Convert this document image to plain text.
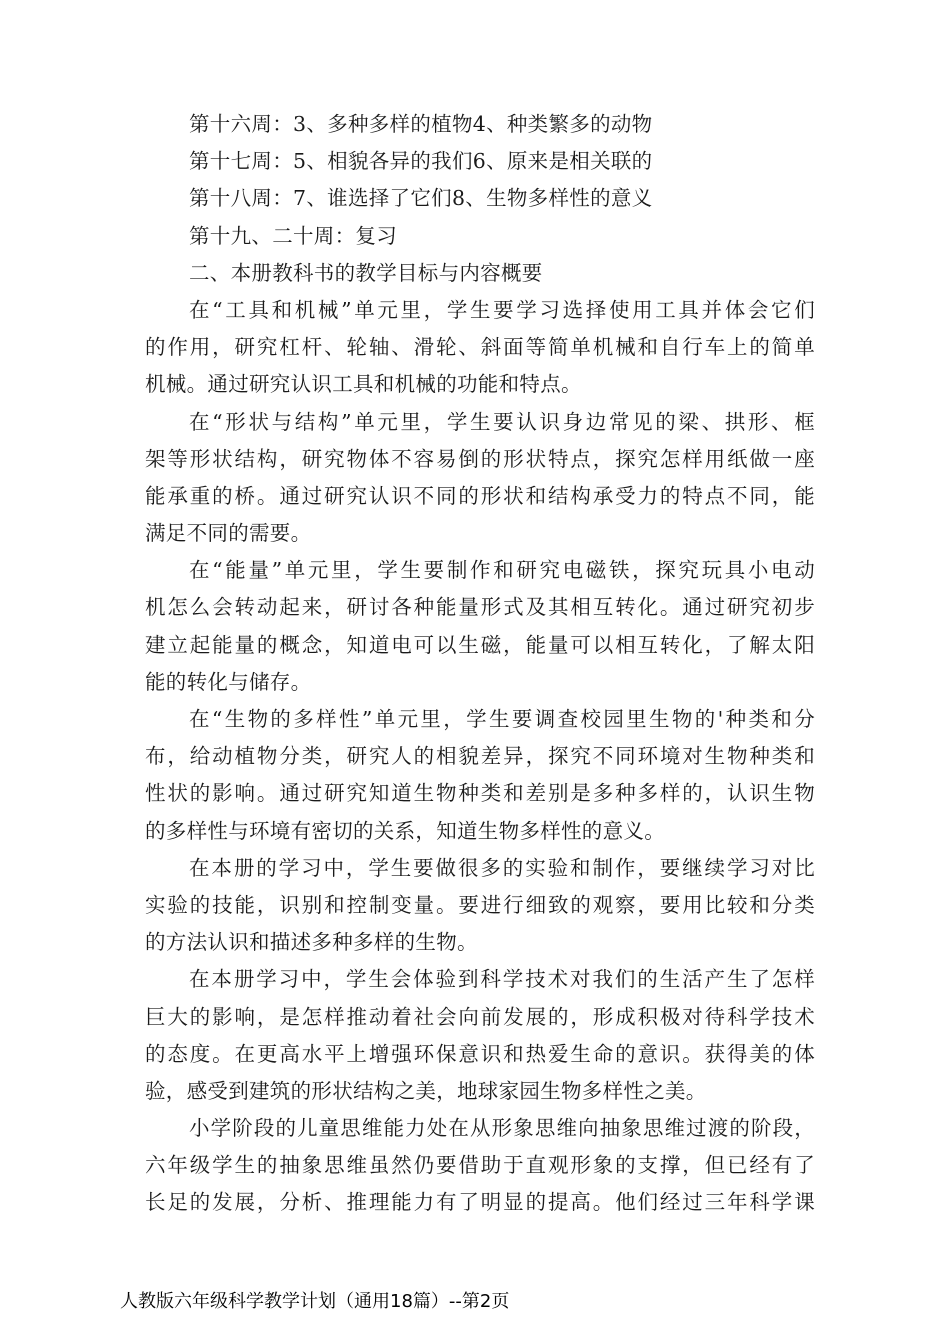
第十六周：3、多种多样的植物4、种类繁多的动物
第十七周：5、相貌各异的我们6、原来是相关联的
第十八周：7、谁选择了它们8、生物多样性的意义
第十九、二十周：复习
二、本册教科书的教学目标与内容概要
在“工具和机械”单元里，学生要学习选择使用工具并体会它们
的作用，研究杠杆、轮轴、滑轮、斜面等简单机械和自行车上的简单
机械。通过研究认识工具和机械的功能和特点。
在“形状与结构”单元里，学生要认识身边常见的梁、拱形、框
架等形状结构，研究物体不容易倒的形状特点，探究怎样用纸做一座
能承重的桥。通过研究认识不同的形状和结构承受力的特点不同，能
满足不同的需要。
在“能量”单元里，学生要制作和研究电磁铁，探究玩具小电动
机怎么会转动起来，研讨各种能量形式及其相互转化。通过研究初步
建立起能量的概念，知道电可以生磁，能量可以相互转化，了解太阳
能的转化与储存。
在“生物的多样性”单元里，学生要调查校园里生物的'种类和分
布，给动植物分类，研究人的相貌差异，探究不同环境对生物种类和
性状的影响。通过研究知道生物种类和差别是多种多样的，认识生物
的多样性与环境有密切的关系，知道生物多样性的意义。
在本册的学习中，学生要做很多的实验和制作，要继续学习对比
实验的技能，识别和控制变量。要进行细致的观察，要用比较和分类
的方法认识和描述多种多样的生物。
在本册学习中，学生会体验到科学技术对我们的生活产生了怎样
巨大的影响，是怎样推动着社会向前发展的，形成积极对待科学技术
的态度。在更高水平上增强环保意识和热爱生命的意识。获得美的体
验，感受到建筑的形状结构之美，地球家园生物多样性之美。
小学阶段的儿童思维能力处在从形象思维向抽象思维过渡的阶段，
六年级学生的抽象思维虽然仍要借助于直观形象的支撑，但已经有了
长足的发展，分析、推理能力有了明显的提高。他们经过三年科学课
人教版六年级科学教学计划（通用18篇）--第2页
